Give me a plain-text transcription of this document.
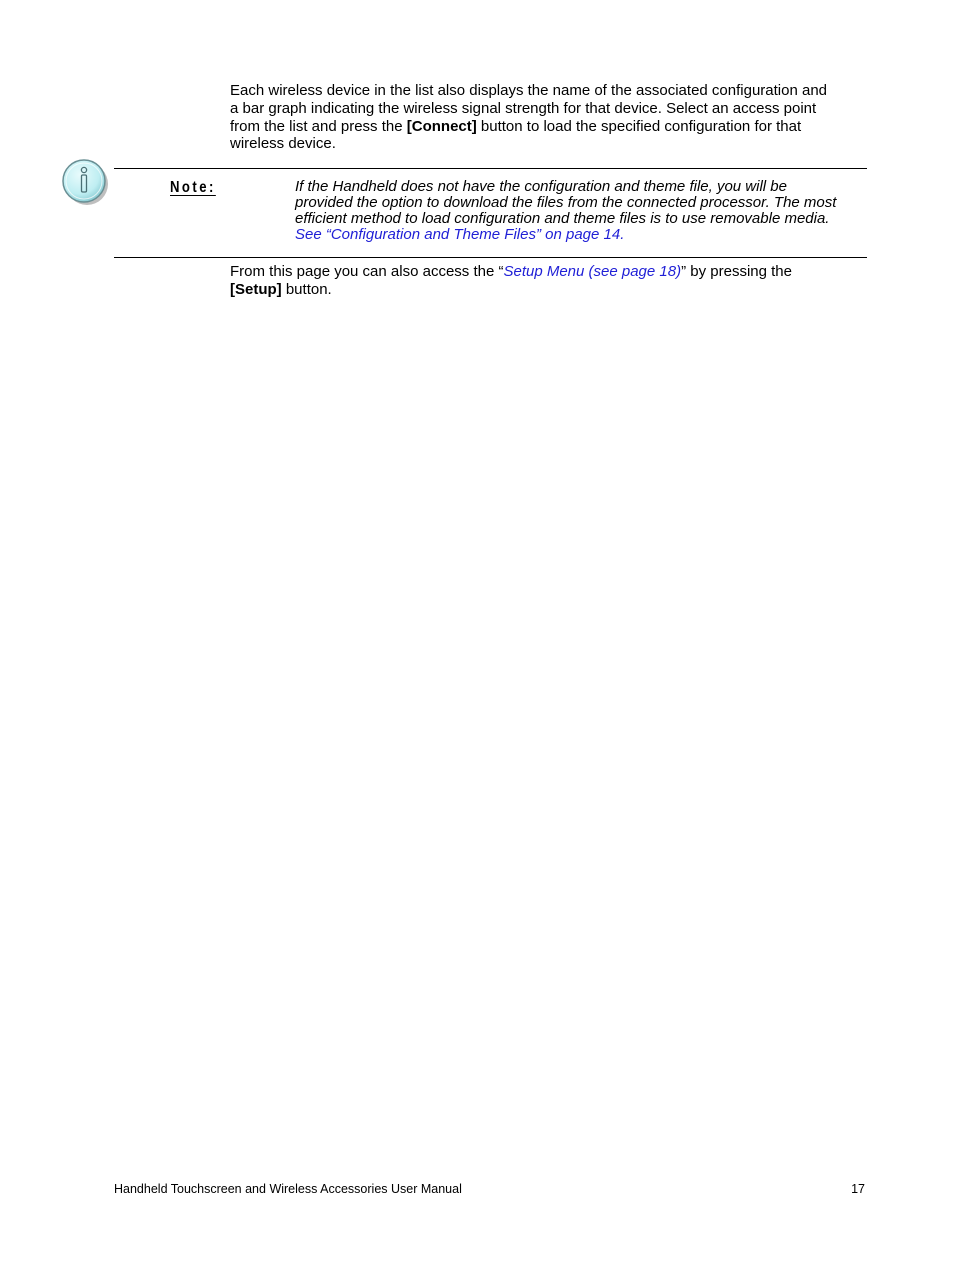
Each wireless device in the list also displays the name of the associated configuration and
a bar graph indicating the wireless signal strength for that device. Select an access point
from the list and press the [Connect] button to load the specified configuration for that
wireless device.
Note:	If the Handheld does not have the configuration and theme file, you will be
provided the option to download the files from the connected processor. The most
efficient method to load configuration and theme files is to use removable media.
See “Configuration and Theme Files” on page 14.
From this page you can also access the “Setup Menu (see page 18)” by pressing the
[Setup] button.
Handheld Touchscreen and Wireless Accessories User Manual	17
